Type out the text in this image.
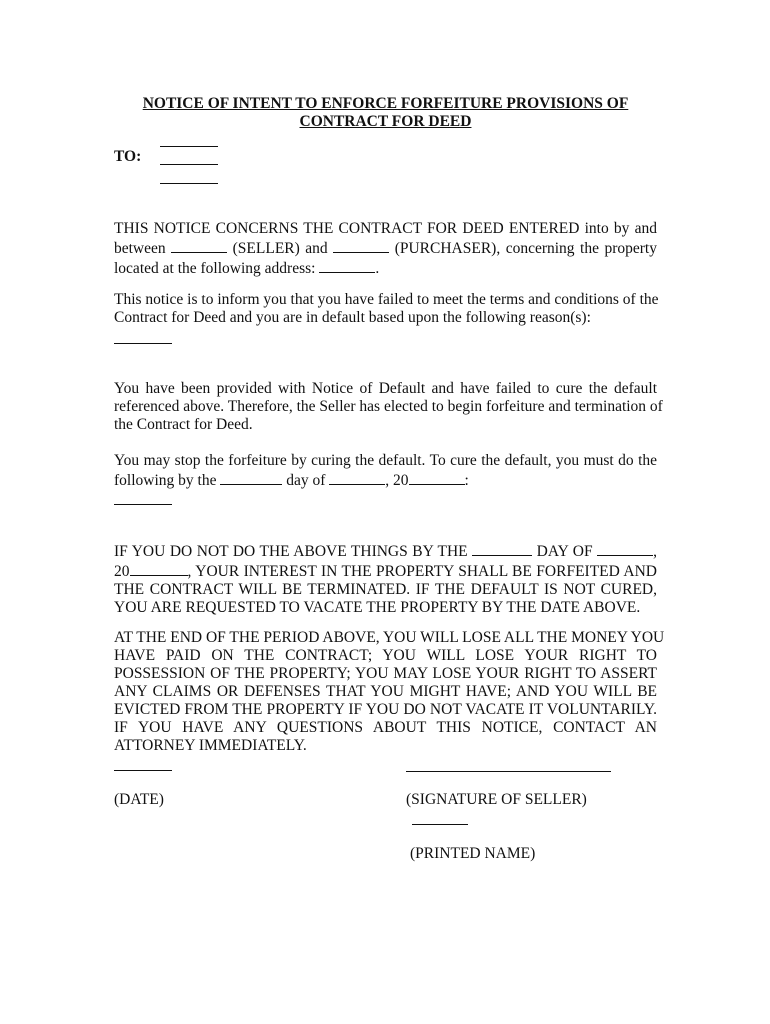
NOTICE OF INTENT TO ENFORCE FORFEITURE PROVISIONS OF
CONTRACT FOR DEED
TO:
THIS NOTICE CONCERNS THE CONTRACT FOR DEED ENTERED into by and
between	(SELLER) and	(PURCHASER), concerning the property
located at the following address:	.
This notice is to inform you that you have failed to meet the terms and conditions of the
Contract for Deed and you are in default based upon the following reason(s):
You have been provided with Notice of Default and have failed to cure the default
referenced above. Therefore, the Seller has elected to begin forfeiture and termination of
the Contract for Deed.
You may stop the forfeiture by curing the default. To cure the default, you must do the
following by the	day of	, 20	:
IF YOU DO NOT DO THE ABOVE THINGS BY THE	DAY OF	,
20	, YOUR INTEREST IN THE PROPERTY SHALL BE FORFEITED AND
THE CONTRACT WILL BE TERMINATED. IF THE DEFAULT IS NOT CURED,
YOU ARE REQUESTED TO VACATE THE PROPERTY BY THE DATE ABOVE.
AT THE END OF THE PERIOD ABOVE, YOU WILL LOSE ALL THE MONEY YOU
HAVE PAID ON THE CONTRACT; YOU WILL LOSE YOUR RIGHT TO
POSSESSION OF THE PROPERTY; YOU MAY LOSE YOUR RIGHT TO ASSERT
ANY CLAIMS OR DEFENSES THAT YOU MIGHT HAVE; AND YOU WILL BE
EVICTED FROM THE PROPERTY IF YOU DO NOT VACATE IT VOLUNTARILY.
IF YOU HAVE ANY QUESTIONS ABOUT THIS NOTICE, CONTACT AN
ATTORNEY IMMEDIATELY.
(DATE)	(SIGNATURE OF SELLER)
(PRINTED NAME)
